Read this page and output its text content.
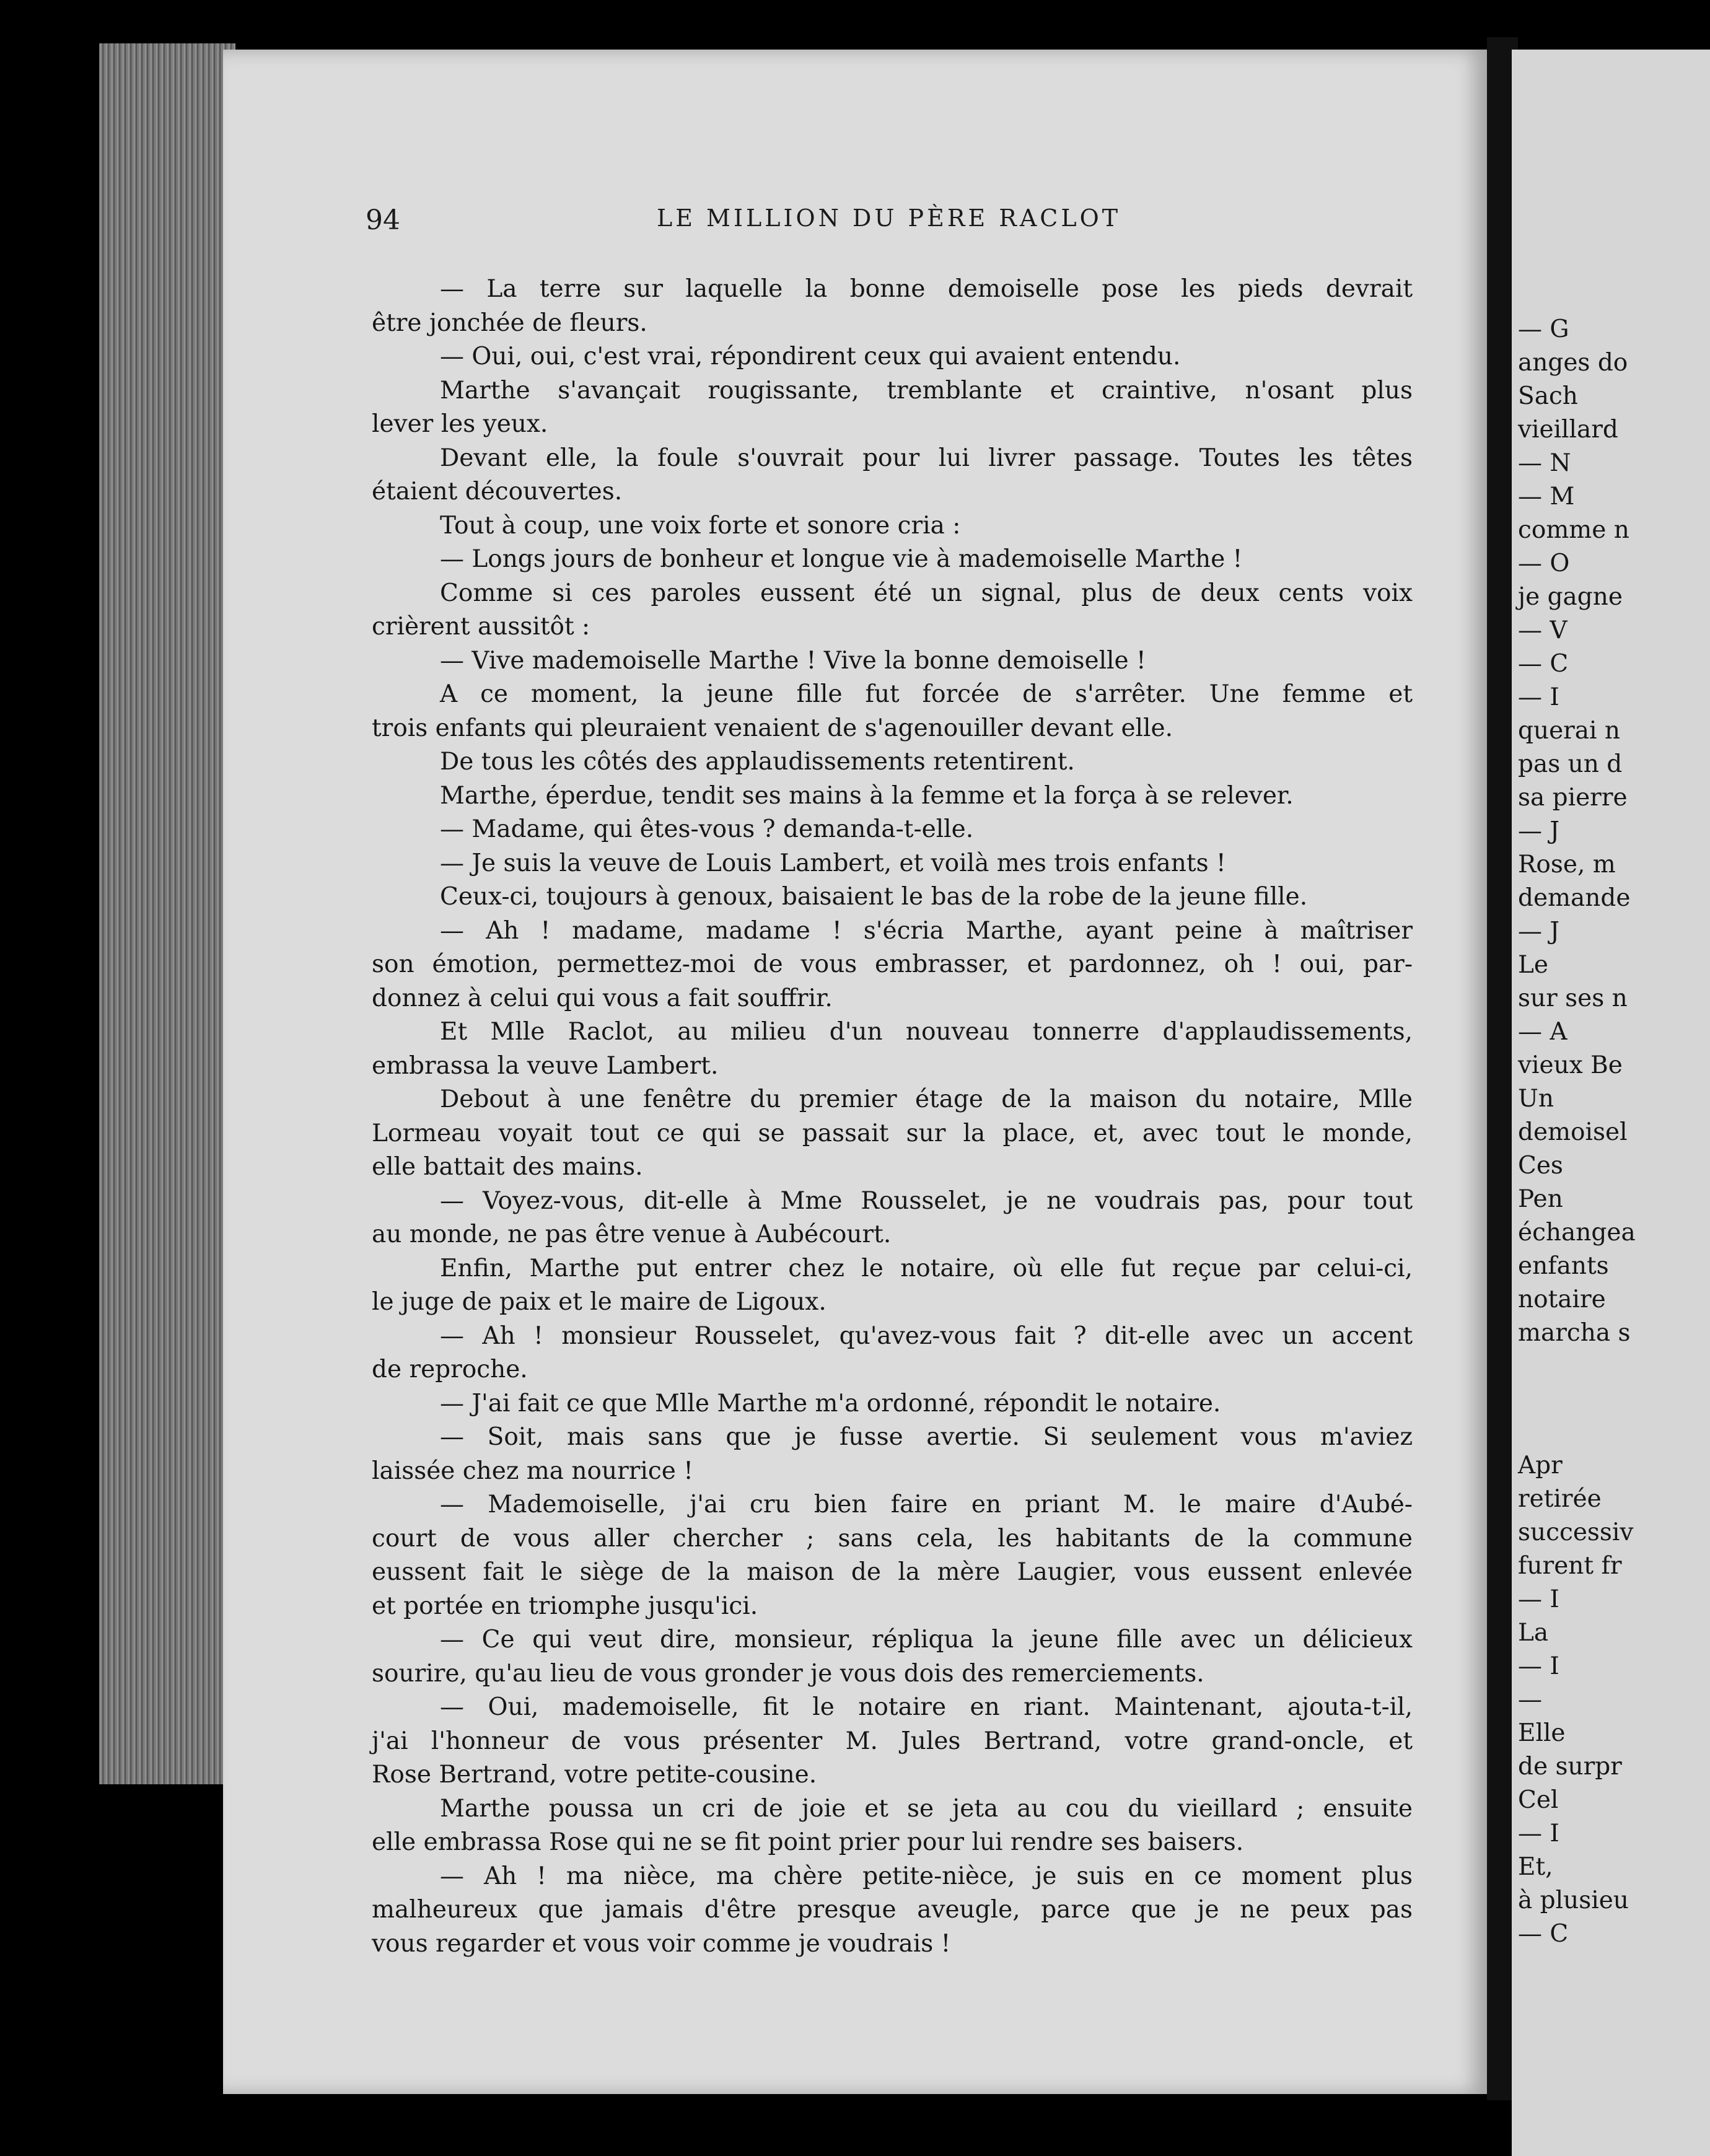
— G
anges do
Sach
vieillard
— N
— M
comme n
— O
je gagne
— V
— C
— I
querai n
pas un d
sa pierre
— J
Rose, m
demande
— J
Le
sur ses n
— A
vieux Be
Un
demoisel
Ces
Pen
échangea
enfants
notaire
marcha s
Apr
retirée
successiv
furent fr
— I
La
— I
—
Elle
de surpr
Cel
— I
Et,
à plusieu
— C
94	LE MILLION DU PÈRE RACLOT
— La terre sur laquelle la bonne demoiselle pose les pieds devrait
être jonchée de fleurs.
— Oui, oui, c'est vrai, répondirent ceux qui avaient entendu.
Marthe s'avançait rougissante, tremblante et craintive, n'osant plus
lever les yeux.
Devant elle, la foule s'ouvrait pour lui livrer passage. Toutes les têtes
étaient découvertes.
Tout à coup, une voix forte et sonore cria :
— Longs jours de bonheur et longue vie à mademoiselle Marthe !
Comme si ces paroles eussent été un signal, plus de deux cents voix
crièrent aussitôt :
— Vive mademoiselle Marthe ! Vive la bonne demoiselle !
A ce moment, la jeune fille fut forcée de s'arrêter. Une femme et
trois enfants qui pleuraient venaient de s'agenouiller devant elle.
De tous les côtés des applaudissements retentirent.
Marthe, éperdue, tendit ses mains à la femme et la força à se relever.
— Madame, qui êtes-vous ? demanda-t-elle.
— Je suis la veuve de Louis Lambert, et voilà mes trois enfants !
Ceux-ci, toujours à genoux, baisaient le bas de la robe de la jeune fille.
— Ah ! madame, madame ! s'écria Marthe, ayant peine à maîtriser
son émotion, permettez-moi de vous embrasser, et pardonnez, oh ! oui, par-
donnez à celui qui vous a fait souffrir.
Et Mlle Raclot, au milieu d'un nouveau tonnerre d'applaudissements,
embrassa la veuve Lambert.
Debout à une fenêtre du premier étage de la maison du notaire, Mlle
Lormeau voyait tout ce qui se passait sur la place, et, avec tout le monde,
elle battait des mains.
— Voyez-vous, dit-elle à Mme Rousselet, je ne voudrais pas, pour tout
au monde, ne pas être venue à Aubécourt.
Enfin, Marthe put entrer chez le notaire, où elle fut reçue par celui-ci,
le juge de paix et le maire de Ligoux.
— Ah ! monsieur Rousselet, qu'avez-vous fait ? dit-elle avec un accent
de reproche.
— J'ai fait ce que Mlle Marthe m'a ordonné, répondit le notaire.
— Soit, mais sans que je fusse avertie. Si seulement vous m'aviez
laissée chez ma nourrice !
— Mademoiselle, j'ai cru bien faire en priant M. le maire d'Aubé-
court de vous aller chercher ; sans cela, les habitants de la commune
eussent fait le siège de la maison de la mère Laugier, vous eussent enlevée
et portée en triomphe jusqu'ici.
— Ce qui veut dire, monsieur, répliqua la jeune fille avec un délicieux
sourire, qu'au lieu de vous gronder je vous dois des remerciements.
— Oui, mademoiselle, fit le notaire en riant. Maintenant, ajouta-t-il,
j'ai l'honneur de vous présenter M. Jules Bertrand, votre grand-oncle, et
Rose Bertrand, votre petite-cousine.
Marthe poussa un cri de joie et se jeta au cou du vieillard ; ensuite
elle embrassa Rose qui ne se fit point prier pour lui rendre ses baisers.
— Ah ! ma nièce, ma chère petite-nièce, je suis en ce moment plus
malheureux que jamais d'être presque aveugle, parce que je ne peux pas
vous regarder et vous voir comme je voudrais !
